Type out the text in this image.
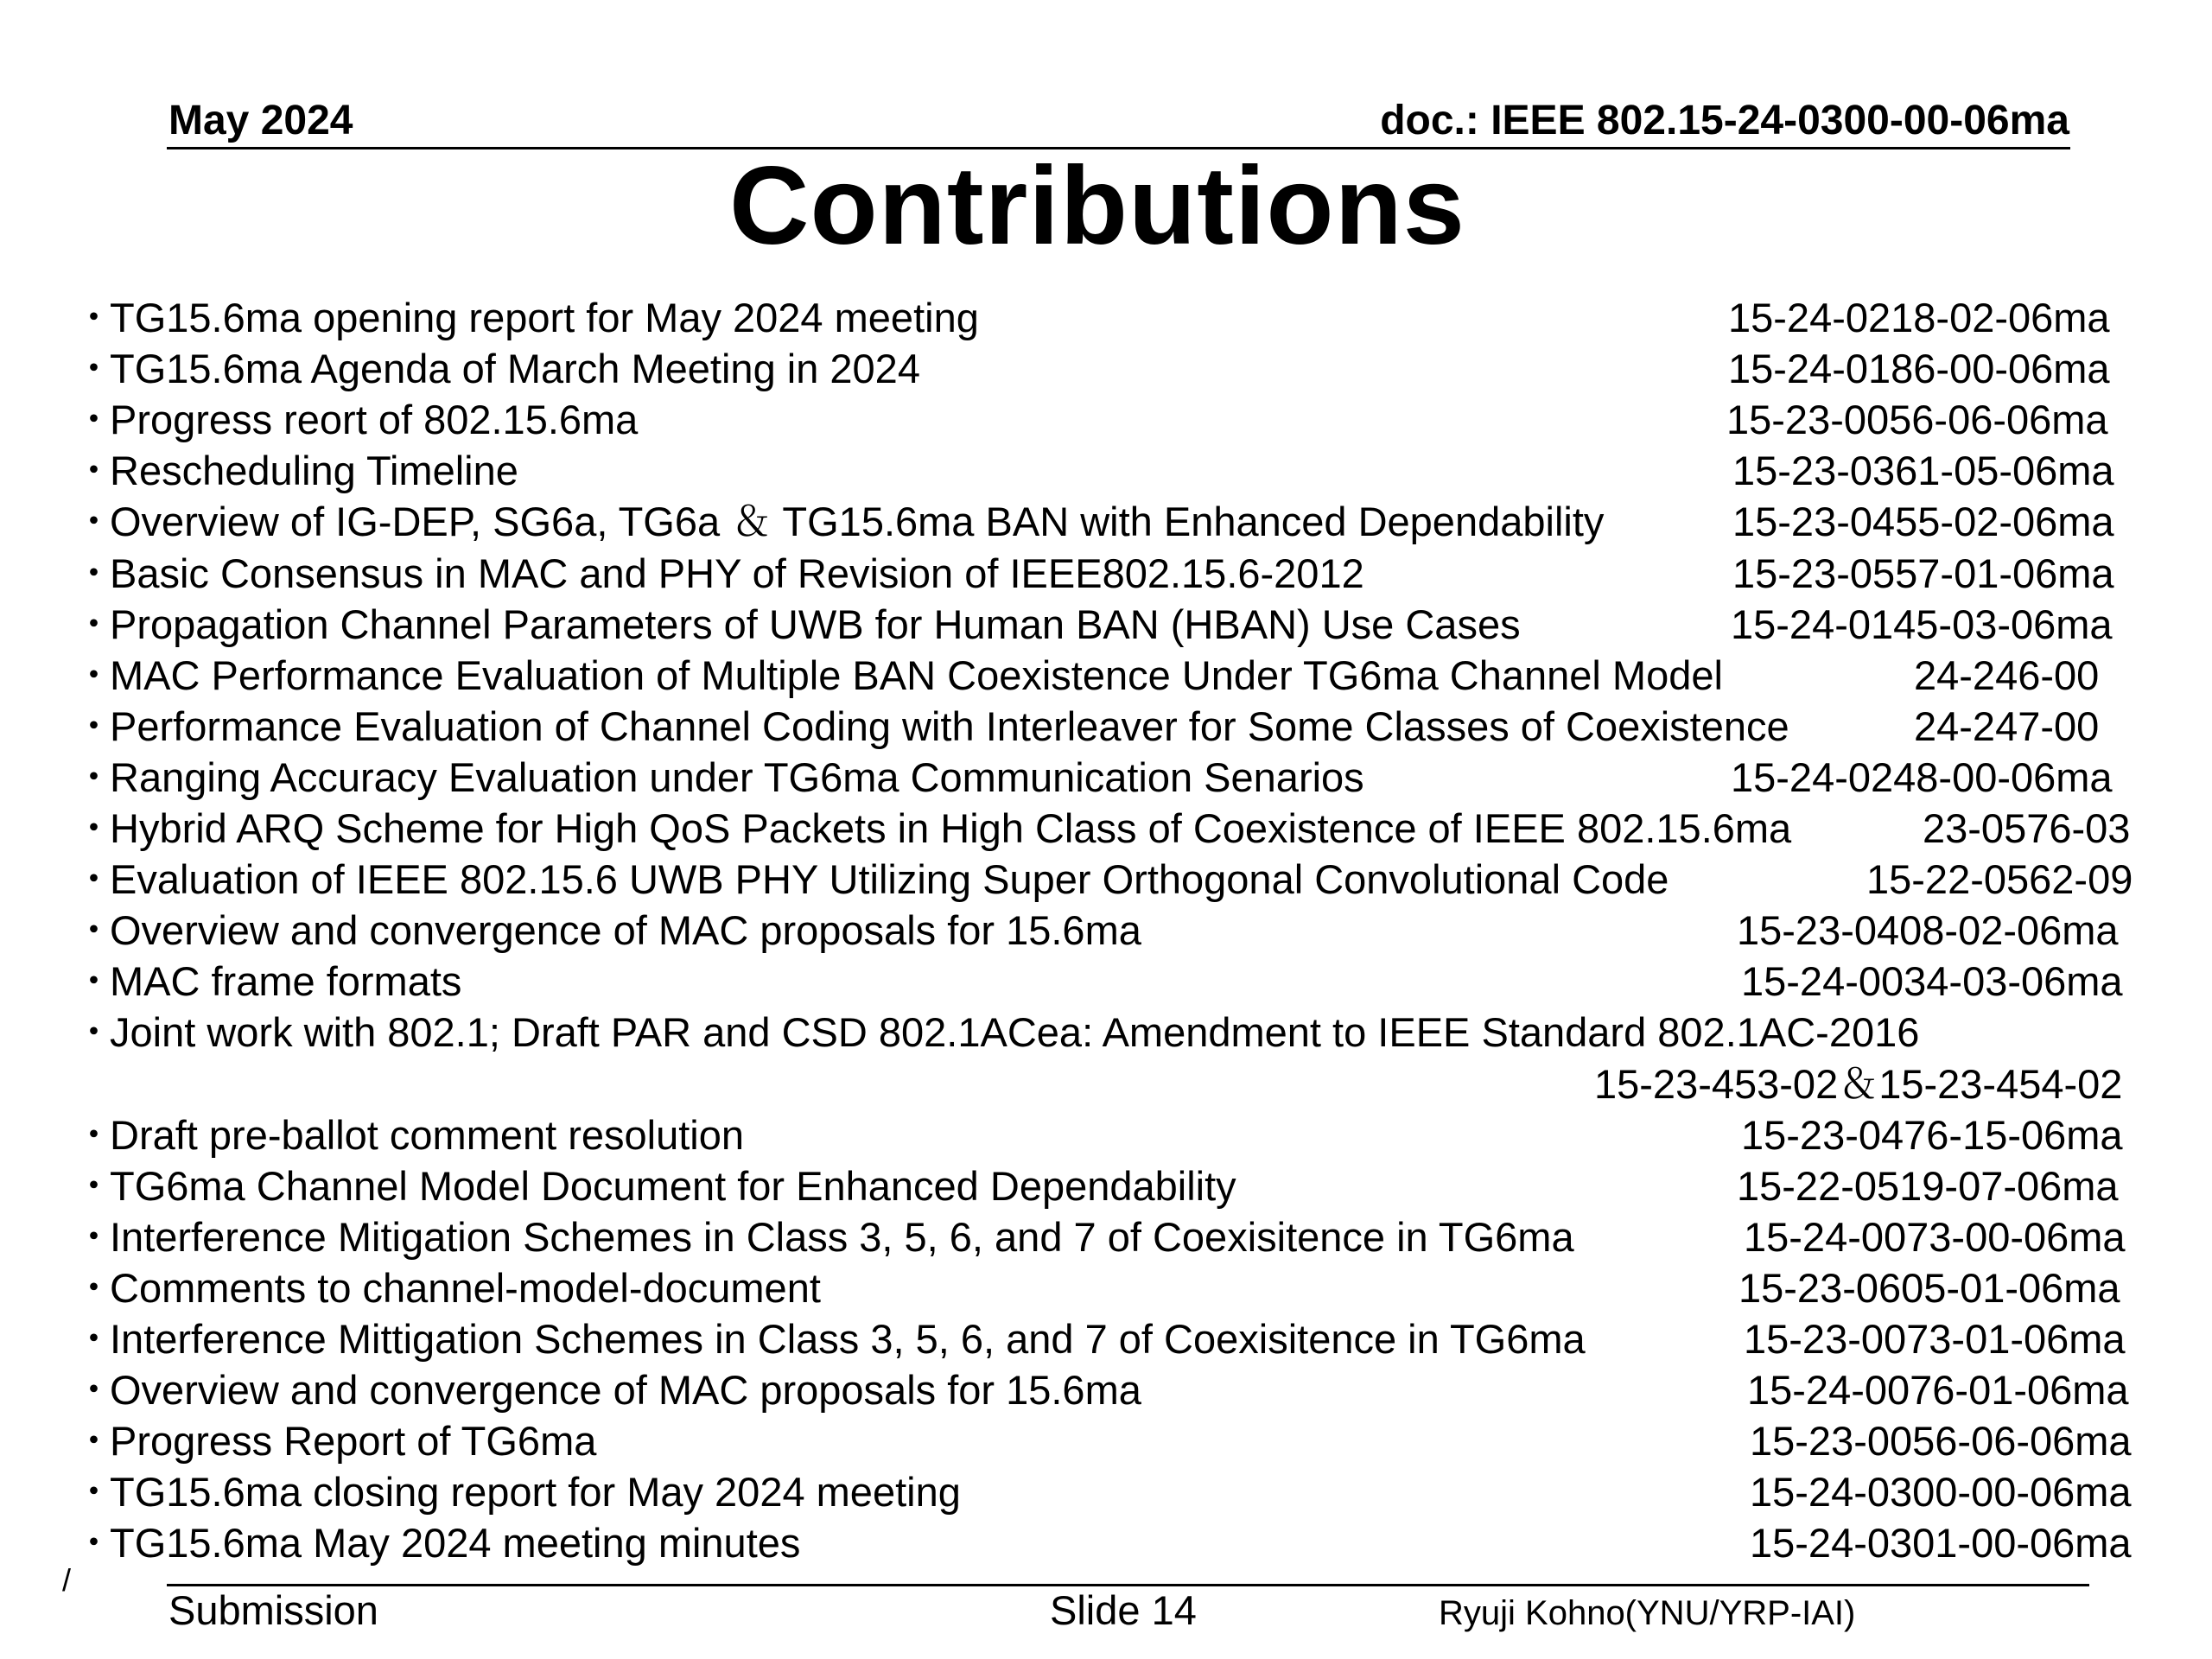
May 2024	doc.: IEEE 802.15-24-0300-00-06ma
Contributions
・
TG15.6ma opening report for May 2024 meeting	15-24-0218-02-06ma
・
TG15.6ma Agenda of March Meeting in 2024	15-24-0186-00-06ma
・
Progress reort of 802.15.6ma	15-23-0056-06-06ma
・
Rescheduling Timeline	15-23-0361-05-06ma
・
Overview of IG-DEP, SG6a, TG6a ＆ TG15.6ma BAN with Enhanced Dependability	15-23-0455-02-06ma
・
Basic Consensus in MAC and PHY of Revision of IEEE802.15.6-2012	15-23-0557-01-06ma
・
Propagation Channel Parameters of UWB for Human BAN (HBAN) Use Cases	15-24-0145-03-06ma
・
MAC Performance Evaluation of Multiple BAN Coexistence Under TG6ma Channel Model	24-246-00
・
Performance Evaluation of Channel Coding with Interleaver for Some Classes of Coexistence	24-247-00
・
Ranging Accuracy Evaluation under TG6ma Communication Senarios	15-24-0248-00-06ma
・
Hybrid ARQ Scheme for High QoS Packets in High Class of Coexistence of IEEE 802.15.6ma	23-0576-03
・
Evaluation of IEEE 802.15.6 UWB PHY Utilizing Super Orthogonal Convolutional Code	15-22-0562-09
・
Overview and convergence of MAC proposals for 15.6ma	15-23-0408-02-06ma
・
MAC frame formats	15-24-0034-03-06ma
・
Joint work with 802.1; Draft PAR and CSD 802.1ACea: Amendment to IEEE Standard 802.1AC-2016
15-23-453-02＆15-23-454-02
・
Draft pre-ballot comment resolution	15-23-0476-15-06ma
・
TG6ma Channel Model Document for Enhanced Dependability	15-22-0519-07-06ma
・
Interference Mitigation Schemes in Class 3, 5, 6, and 7 of Coexisitence in TG6ma	15-24-0073-00-06ma
・
Comments to channel-model-document	15-23-0605-01-06ma
・
Interference Mittigation Schemes in Class 3, 5, 6, and 7 of Coexisitence in TG6ma	15-23-0073-01-06ma
・
Overview and convergence of MAC proposals for 15.6ma	15-24-0076-01-06ma
・
Progress Report of TG6ma	15-23-0056-06-06ma
・
TG15.6ma closing report for May 2024 meeting	15-24-0300-00-06ma
・
TG15.6ma May 2024 meeting minutes	15-24-0301-00-06ma
/
Submission	Slide 14	Ryuji Kohno(YNU/YRP-IAI)
